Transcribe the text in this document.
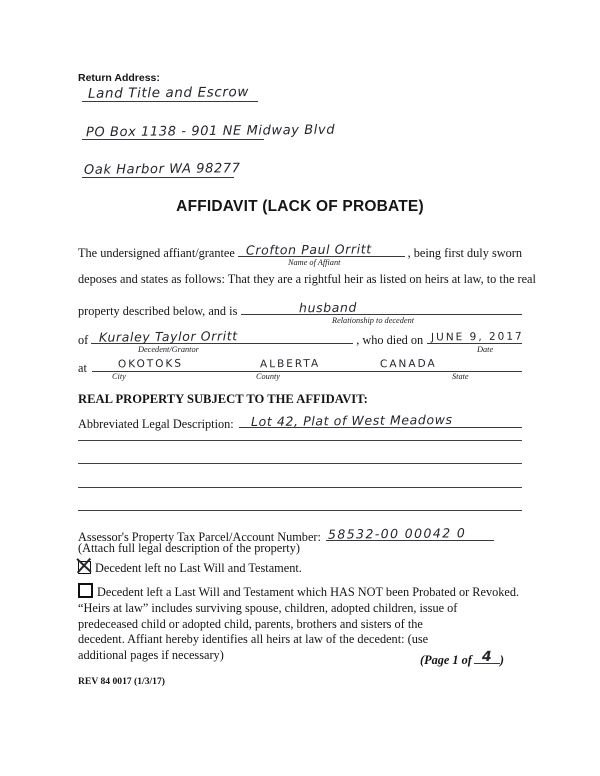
Return Address:
Land Title and Escrow
PO Box 1138 - 901 NE Midway Blvd
Oak Harbor WA 98277
AFFIDAVIT (LACK OF PROBATE)
The undersigned affiant/grantee Crofton Paul Orritt	, being first duly sworn
Name of Affiant
deposes and states as follows: That they are a rightful heir as listed on heirs at law, to the real
property described below, and is	husband
Relationship to decedent
of Kuraley Taylor Orritt	, who died on JUNE 9, 2017
Decedent/Grantor	Date
at	OKOTOKS	ALBERTA	CANADA
City	County	State
REAL PROPERTY SUBJECT TO THE AFFIDAVIT:
Abbreviated Legal Description: Lot 42, Plat of West Meadows
Assessor's Property Tax Parcel/Account Number: 58532-00 00042 0
(Attach full legal description of the property)
Decedent left no Last Will and Testament.
Decedent left a Last Will and Testament which HAS NOT been Probated or Revoked.
“Heirs at law” includes surviving spouse, children, adopted children, issue of predeceased child or adopted child, parents, brothers and sisters of the decedent. Affiant hereby identifies all heirs at law of the decedent: (use additional pages if necessary)	(Page 1 of 4 )
REV 84 0017 (1/3/17)
